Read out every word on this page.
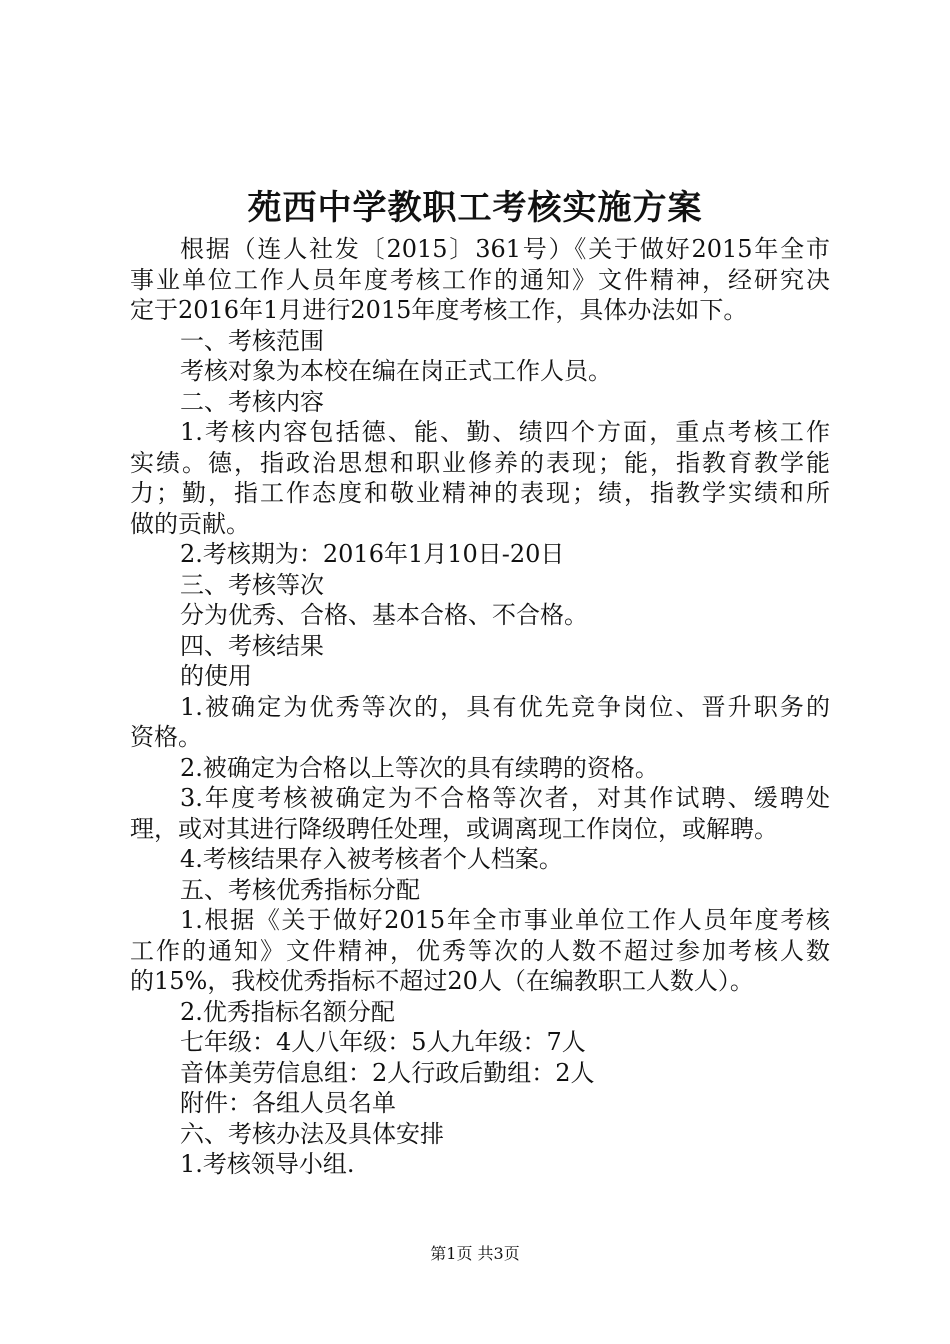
苑西中学教职工考核实施方案

根据（连人社发〔2015〕361号）《关于做好2015年全市

事业单位工作人员年度考核工作的通知》文件精神，经研究决

定于2016年1月进行2015年度考核工作，具体办法如下。

一、考核范围

考核对象为本校在编在岗正式工作人员。

二、考核内容

1.考核内容包括德、能、勤、绩四个方面，重点考核工作

实绩。德，指政治思想和职业修养的表现；能，指教育教学能

力；勤，指工作态度和敬业精神的表现；绩，指教学实绩和所

做的贡献。

2.考核期为：2016年1月10日-20日

三、考核等次

分为优秀、合格、基本合格、不合格。

四、考核结果

的使用

1.被确定为优秀等次的，具有优先竞争岗位、晋升职务的

资格。

2.被确定为合格以上等次的具有续聘的资格。

3.年度考核被确定为不合格等次者，对其作试聘、缓聘处

理，或对其进行降级聘任处理，或调离现工作岗位，或解聘。

4.考核结果存入被考核者个人档案。

五、考核优秀指标分配

1.根据《关于做好2015年全市事业单位工作人员年度考核

工作的通知》文件精神，优秀等次的人数不超过参加考核人数

的15%，我校优秀指标不超过20人（在编教职工人数人）。

2.优秀指标名额分配

七年级：4人八年级：5人九年级：7人

音体美劳信息组：2人行政后勤组：2人

附件：各组人员名单

六、考核办法及具体安排

1.考核领导小组.

第1页 共3页
